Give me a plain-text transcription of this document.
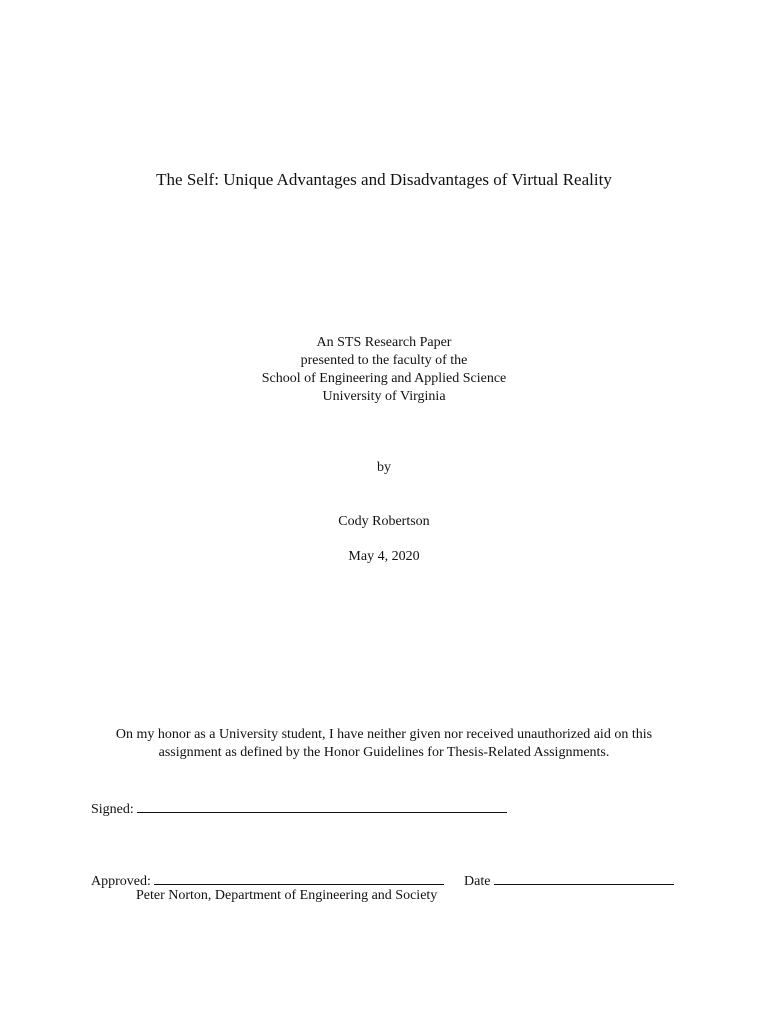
The Self: Unique Advantages and Disadvantages of Virtual Reality
An STS Research Paper
presented to the faculty of the
School of Engineering and Applied Science
University of Virginia
by
Cody Robertson
May 4, 2020
On my honor as a University student, I have neither given nor received unauthorized aid on this
assignment as defined by the Honor Guidelines for Thesis-Related Assignments.
Signed:
Approved:	Date
Peter Norton, Department of Engineering and Society
